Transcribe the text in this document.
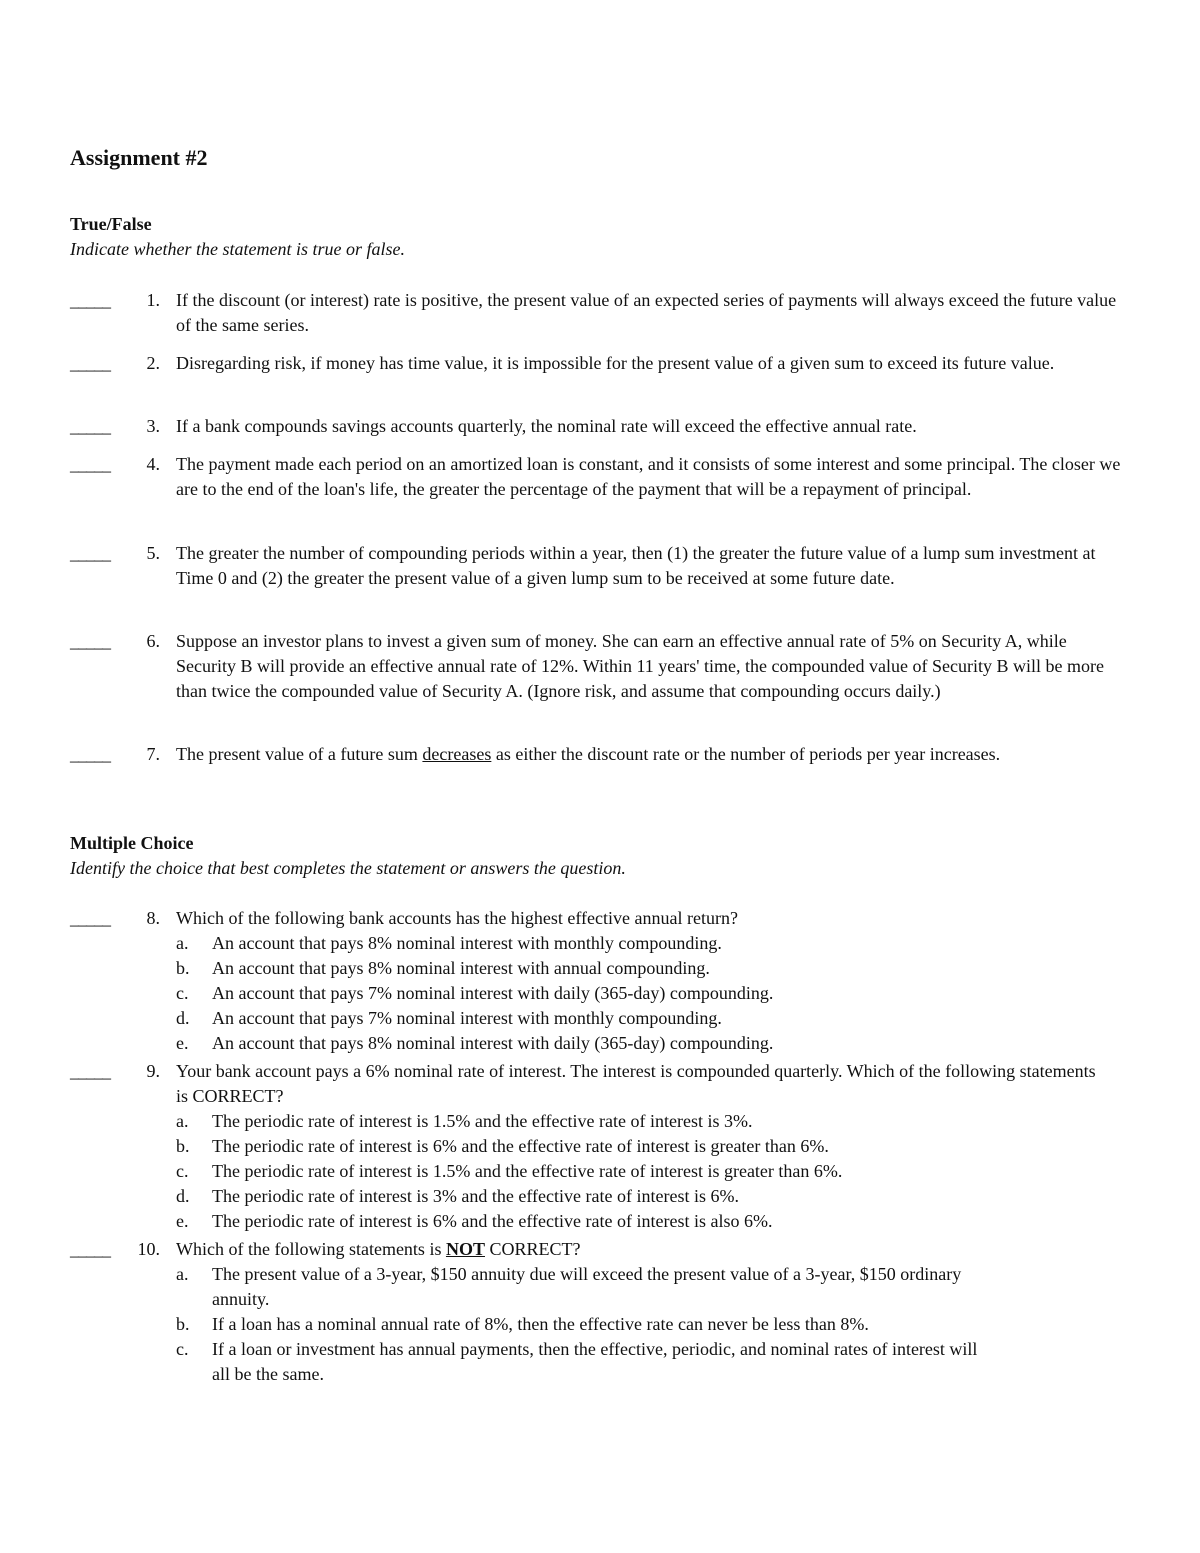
Assignment #2
True/False
Indicate whether the statement is true or false.
_____	1. If the discount (or interest) rate is positive, the present value of an expected series of payments will always exceed the future value of the same series.
_____	2. Disregarding risk, if money has time value, it is impossible for the present value of a given sum to exceed its future value.
_____	3. If a bank compounds savings accounts quarterly, the nominal rate will exceed the effective annual rate.
_____	4. The payment made each period on an amortized loan is constant, and it consists of some interest and some principal. The closer we are to the end of the loan's life, the greater the percentage of the payment that will be a repayment of principal.
_____	5. The greater the number of compounding periods within a year, then (1) the greater the future value of a lump sum investment at Time 0 and (2) the greater the present value of a given lump sum to be received at some future date.
_____	6. Suppose an investor plans to invest a given sum of money. She can earn an effective annual rate of 5% on Security A, while Security B will provide an effective annual rate of 12%. Within 11 years' time, the compounded value of Security B will be more than twice the compounded value of Security A. (Ignore risk, and assume that compounding occurs daily.)
_____	7. The present value of a future sum decreases as either the discount rate or the number of periods per year increases.
Multiple Choice
Identify the choice that best completes the statement or answers the question.
_____	8. Which of the following bank accounts has the highest effective annual return?
a. An account that pays 8% nominal interest with monthly compounding.
b. An account that pays 8% nominal interest with annual compounding.
c. An account that pays 7% nominal interest with daily (365-day) compounding.
d. An account that pays 7% nominal interest with monthly compounding.
e. An account that pays 8% nominal interest with daily (365-day) compounding.
_____	9. Your bank account pays a 6% nominal rate of interest. The interest is compounded quarterly. Which of the following statements is CORRECT?
a. The periodic rate of interest is 1.5% and the effective rate of interest is 3%.
b. The periodic rate of interest is 6% and the effective rate of interest is greater than 6%.
c. The periodic rate of interest is 1.5% and the effective rate of interest is greater than 6%.
d. The periodic rate of interest is 3% and the effective rate of interest is 6%.
e. The periodic rate of interest is 6% and the effective rate of interest is also 6%.
_____	10. Which of the following statements is NOT CORRECT?
a. The present value of a 3-year, $150 annuity due will exceed the present value of a 3-year, $150 ordinary annuity.
b. If a loan has a nominal annual rate of 8%, then the effective rate can never be less than 8%.
c. If a loan or investment has annual payments, then the effective, periodic, and nominal rates of interest will all be the same.
